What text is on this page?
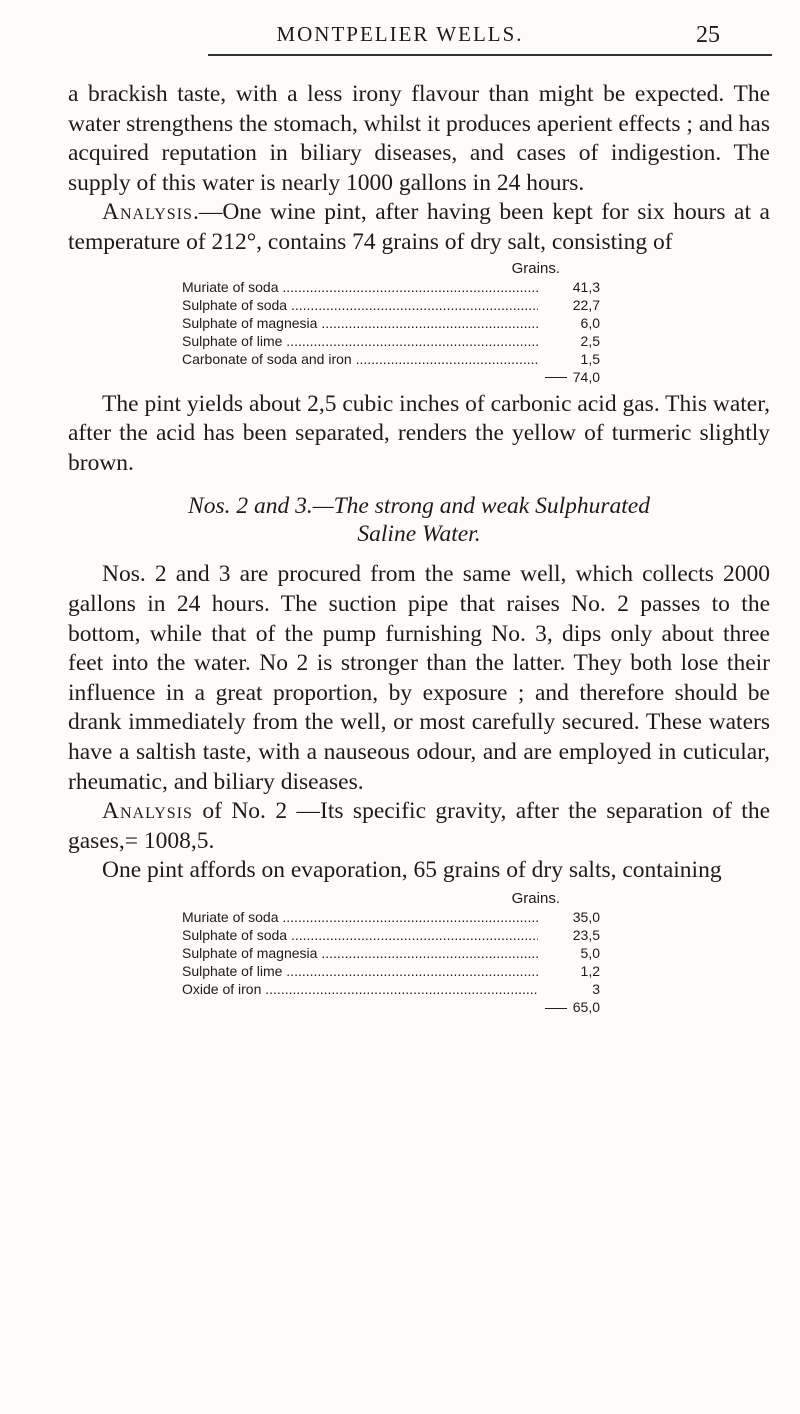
MONTPELIER WELLS.	25

a brackish taste, with a less irony flavour than might be expected. The water strengthens the stomach, whilst it produces aperient effects ; and has acquired reputation in biliary diseases, and cases of indigestion. The supply of this water is nearly 1000 gallons in 24 hours.

Analysis.—One wine pint, after having been kept for six hours at a temperature of 212°, contains 74 grains of dry salt, consisting of

Grains.
Muriate of soda .....	41,3
Sulphate of soda .....	22,7
Sulphate of magnesia .....	6,0
Sulphate of lime .....	2,5
Carbonate of soda and iron .....	1,5
74,0

The pint yields about 2,5 cubic inches of carbonic acid gas. This water, after the acid has been separated, renders the yellow of turmeric slightly brown.

Nos. 2 and 3.—The strong and weak Sulphurated
Saline Water.

Nos. 2 and 3 are procured from the same well, which collects 2000 gallons in 24 hours. The suction pipe that raises No. 2 passes to the bottom, while that of the pump furnishing No. 3, dips only about three feet into the water. No 2 is stronger than the latter. They both lose their influence in a great proportion, by exposure ; and therefore should be drank immediately from the well, or most carefully secured. These waters have a saltish taste, with a nauseous odour, and are employed in cuticular, rheumatic, and biliary diseases.

Analysis of No. 2 —Its specific gravity, after the separation of the gases,= 1008,5.

One pint affords on evaporation, 65 grains of dry salts, containing

Grains.
Muriate of soda .....	35,0
Sulphate of soda .....	23,5
Sulphate of magnesia .....	5,0
Sulphate of lime .....	1,2
Oxide of iron .....	3
65,0
